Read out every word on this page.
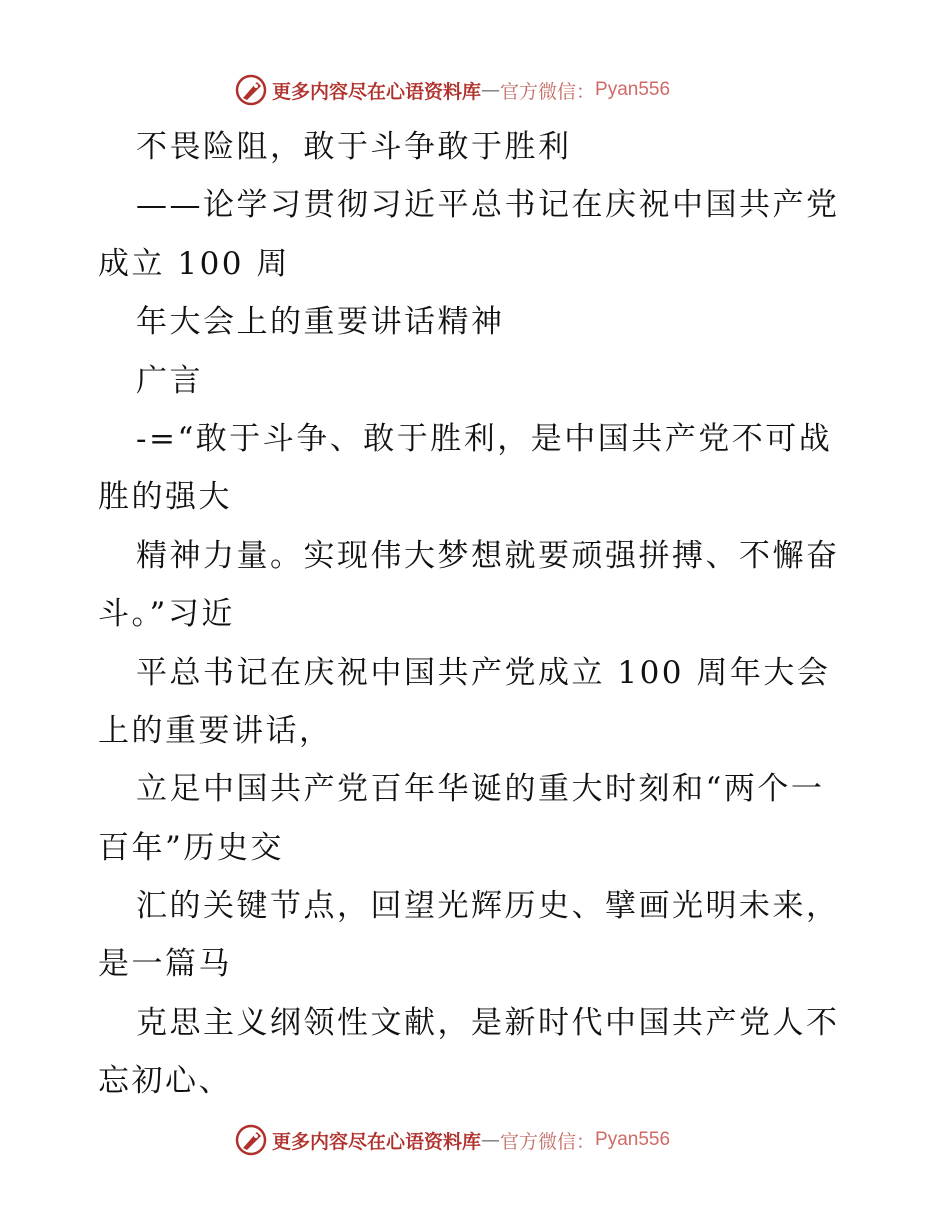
更多内容尽在心语资料库 — 官方微信： Pyan556
不畏险阻，敢于斗争敢于胜利
——论学习贯彻习近平总书记在庆祝中国共产党
成立 100 周
年大会上的重要讲话精神
广言
-=“敢于斗争、敢于胜利，是中国共产党不可战
胜的强大
精神力量。实现伟大梦想就要顽强拼搏、不懈奋
斗。”习近
平总书记在庆祝中国共产党成立 100 周年大会
上的重要讲话，
立足中国共产党百年华诞的重大时刻和“两个一
百年”历史交
汇的关键节点，回望光辉历史、擘画光明未来，
是一篇马
克思主义纲领性文献，是新时代中国共产党人不
忘初心、
更多内容尽在心语资料库 — 官方微信： Pyan556
